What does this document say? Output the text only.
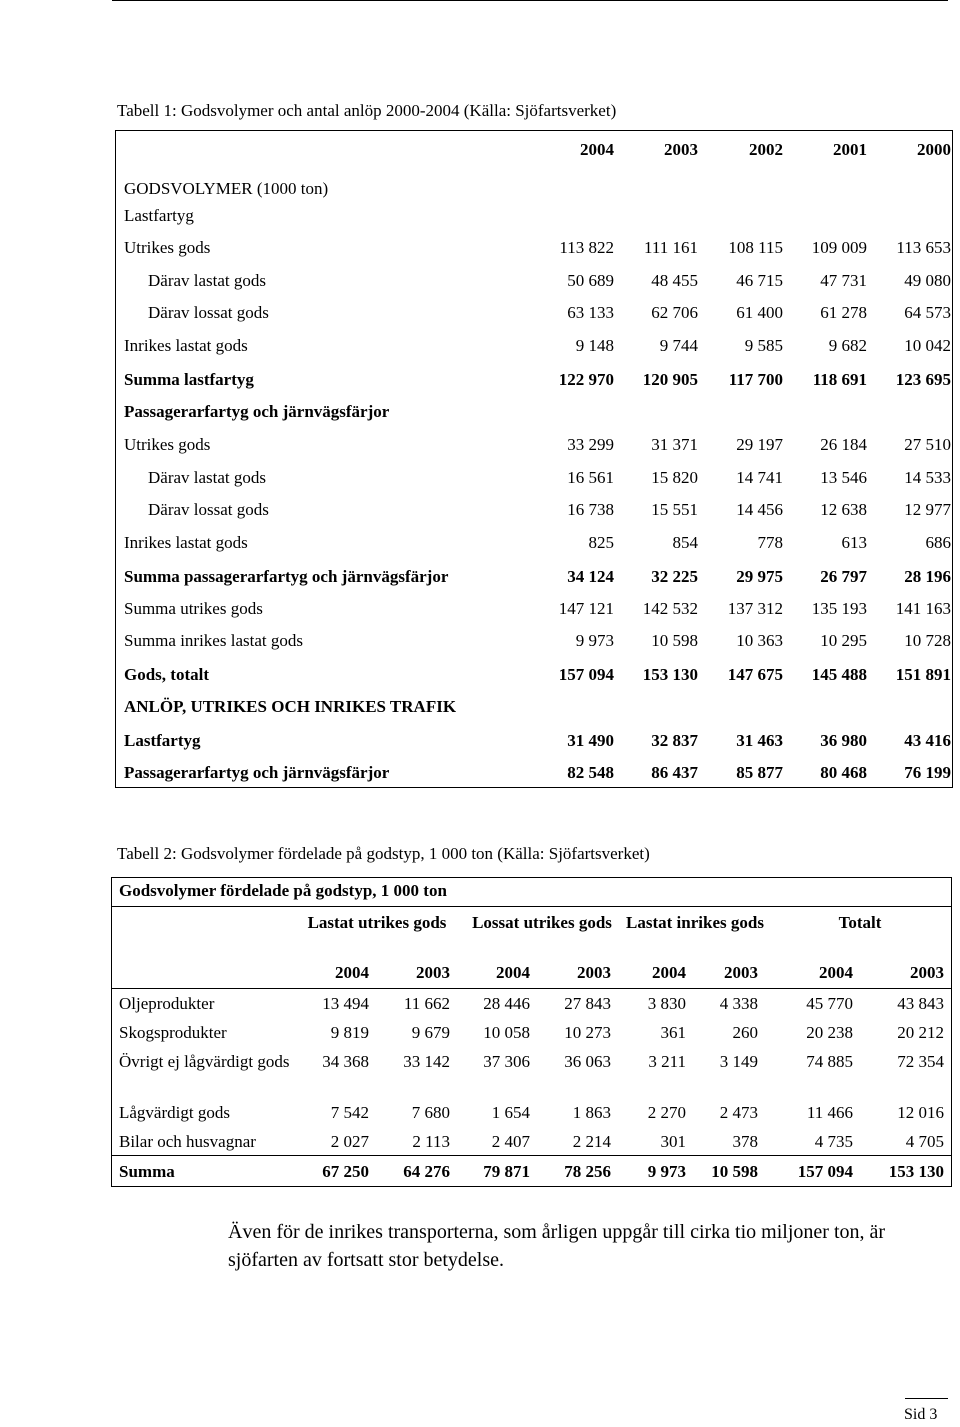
Tabell 1: Godsvolymer och antal anlöp 2000-2004 (Källa: Sjöfartsverket)
2004	2003	2002	2001	2000
GODSVOLYMER (1000 ton)
Lastfartyg
Utrikes gods	113 822	111 161	108 115	109 009	113 653
Därav lastat gods	50 689	48 455	46 715	47 731	49 080
Därav lossat gods	63 133	62 706	61 400	61 278	64 573
Inrikes lastat gods	9 148	9 744	9 585	9 682	10 042
Summa lastfartyg	122 970	120 905	117 700	118 691	123 695
Passagerarfartyg och järnvägsfärjor
Utrikes gods	33 299	31 371	29 197	26 184	27 510
Därav lastat gods	16 561	15 820	14 741	13 546	14 533
Därav lossat gods	16 738	15 551	14 456	12 638	12 977
Inrikes lastat gods	825	854	778	613	686
Summa passagerarfartyg och järnvägsfärjor	34 124	32 225	29 975	26 797	28 196
Summa utrikes gods	147 121	142 532	137 312	135 193	141 163
Summa inrikes lastat gods	9 973	10 598	10 363	10 295	10 728
Gods, totalt	157 094	153 130	147 675	145 488	151 891
ANLÖP, UTRIKES OCH INRIKES TRAFIK
Lastfartyg	31 490	32 837	31 463	36 980	43 416
Passagerarfartyg och järnvägsfärjor	82 548	86 437	85 877	80 468	76 199
Tabell 2: Godsvolymer fördelade på godstyp, 1 000 ton (Källa: Sjöfartsverket)
Godsvolymer fördelade på godstyp, 1 000 ton
Lastat utrikes gods Lossat utrikes gods Lastat inrikes gods	Totalt
2004	2003	2004	2003	2004	2003	2004	2003
Oljeprodukter	13 494	11 662	28 446	27 843	3 830	4 338	45 770	43 843
Skogsprodukter	9 819	9 679	10 058	10 273	361	260	20 238	20 212
Övrigt ej lågvärdigt gods	34 368	33 142	37 306	36 063	3 211	3 149	74 885	72 354
Lågvärdigt gods	7 542	7 680	1 654	1 863	2 270	2 473	11 466	12 016
Bilar och husvagnar	2 027	2 113	2 407	2 214	301	378	4 735	4 705
Summa	67 250	64 276	79 871	78 256	9 973	10 598	157 094	153 130
Även för de inrikes transporterna, som årligen uppgår till cirka tio miljoner ton, är sjöfarten av fortsatt stor betydelse.
Sid 3
